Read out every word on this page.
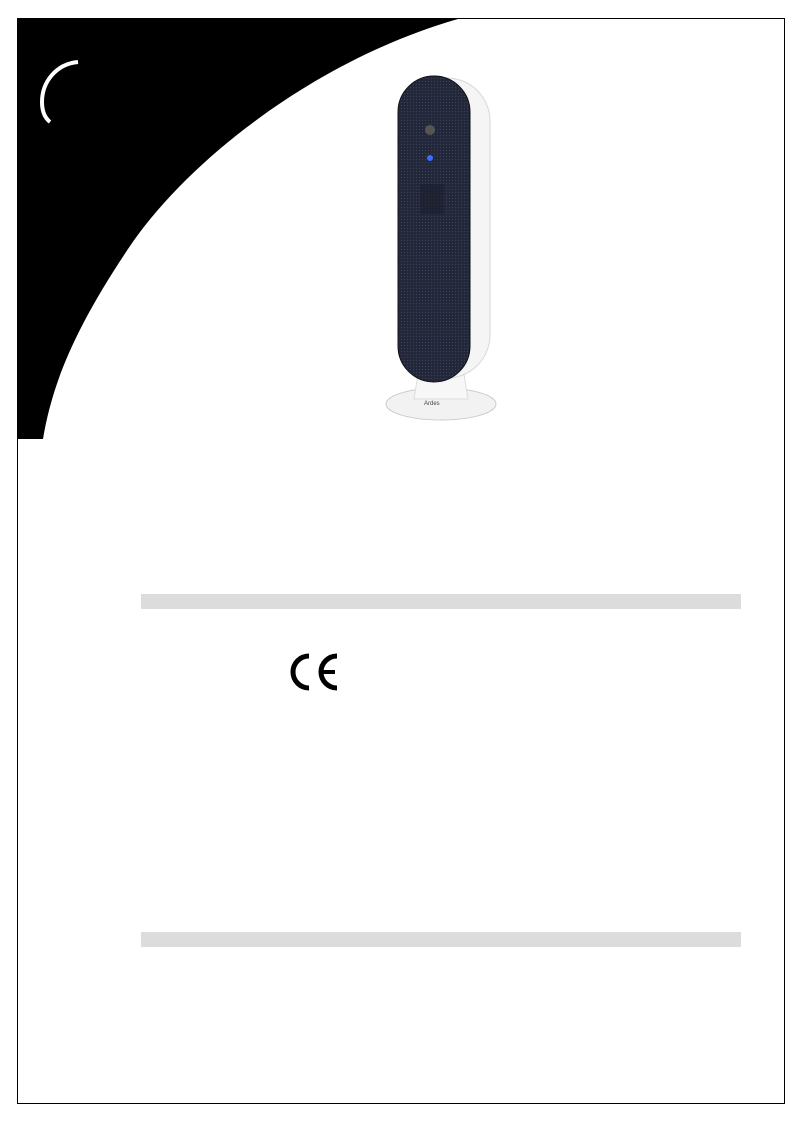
Ardes
